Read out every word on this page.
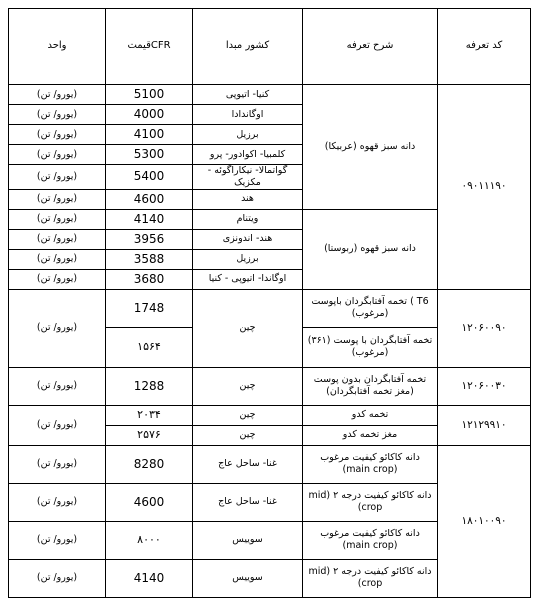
کد تعرفه	شرح تعرفه	کشور مبدا	CFRقیمت	واحد
۰۹۰۱۱۱۹۰	دانه سبز قهوه (عربیکا)	کنیا- اتیوپی	5100	(یورو/ تن)
		اوگاندادا	4000	(یورو/ تن)
		برزیل	4100	(یورو/ تن)
		کلمبیا- اکوادور- پرو	5300	(یورو/ تن)
		گواتمالا- نیکاراگوئه - مکزیک	5400	(یورو/ تن)
		هند	4600	(یورو/ تن)
	دانه سبز قهوه (ربوستا)	ویتنام	4140	(یورو/ تن)
		هند- اندونزی	3956	(یورو/ تن)
		برزیل	3588	(یورو/ تن)
		اوگاندا- اتیوپی - کنیا	3680	(یورو/ تن)
۱۲۰۶۰۰۹۰	T6 ) تخمه آفتابگردان باپوست (مرغوب)	چین	1748	(یورو/ تن)
	تخمه آفتابگردان با پوست (۳۶۱) (مرغوب)		۱۵۶۴	
۱۲۰۶۰۰۳۰	تخمه آفتابگردان بدون پوست (مغز تخمه آفتابگردان)	چین	1288	(یورو/ تن)
۱۲۱۲۹۹۱۰	تخمه کدو	چین	۲۰۳۴	(یورو/ تن)
	مغز تخمه کدو	چین	۲۵۷۶	
۱۸۰۱۰۰۹۰	دانه کاکائو کیفیت مرغوب (main crop)	غنا- ساحل عاج	8280	(یورو/ تن)
	دانه کاکائو کیفیت درجه ۲ (mid crop)	غنا- ساحل عاج	4600	(یورو/ تن)
	دانه کاکائو کیفیت مرغوب (main crop)	سوییس	۸۰۰۰	(یورو/ تن)
	دانه کاکائو کیفیت درجه ۲ (mid crop)	سوییس	4140	(یورو/ تن)
